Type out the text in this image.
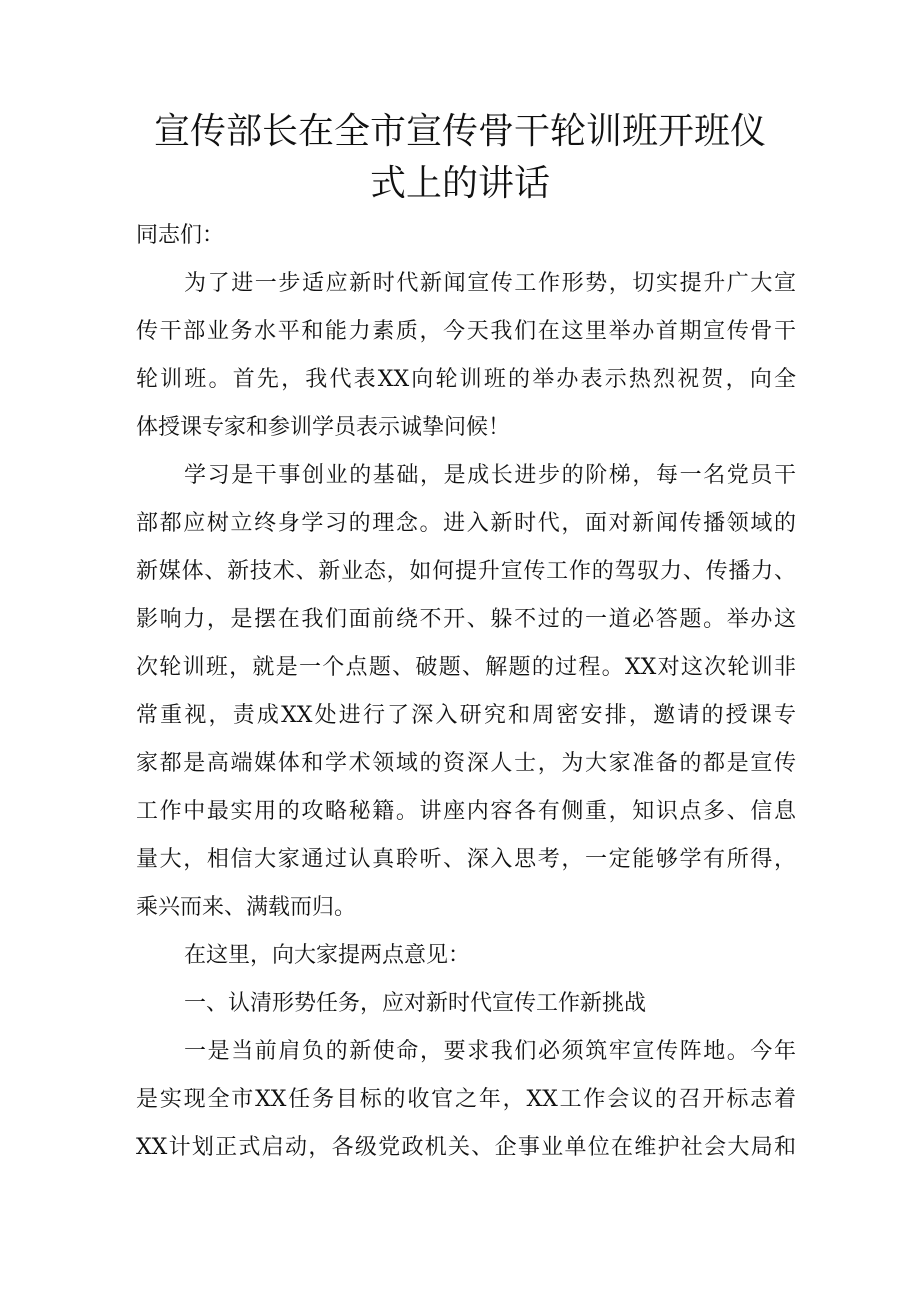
宣传部长在全市宣传骨干轮训班开班仪
式上的讲话
同志们：
为了进一步适应新时代新闻宣传工作形势，切实提升广大宣
传干部业务水平和能力素质，今天我们在这里举办首期宣传骨干
轮训班。首先，我代表XX向轮训班的举办表示热烈祝贺，向全
体授课专家和参训学员表示诚挚问候！
学习是干事创业的基础，是成长进步的阶梯，每一名党员干
部都应树立终身学习的理念。进入新时代，面对新闻传播领域的
新媒体、新技术、新业态，如何提升宣传工作的驾驭力、传播力、
影响力，是摆在我们面前绕不开、躲不过的一道必答题。举办这
次轮训班，就是一个点题、破题、解题的过程。XX对这次轮训非
常重视，责成XX处进行了深入研究和周密安排，邀请的授课专
家都是高端媒体和学术领域的资深人士，为大家准备的都是宣传
工作中最实用的攻略秘籍。讲座内容各有侧重，知识点多、信息
量大，相信大家通过认真聆听、深入思考，一定能够学有所得，
乘兴而来、满载而归。
在这里，向大家提两点意见：
一、认清形势任务，应对新时代宣传工作新挑战
一是当前肩负的新使命，要求我们必须筑牢宣传阵地。今年
是实现全市XX任务目标的收官之年，XX工作会议的召开标志着
XX计划正式启动，各级党政机关、企事业单位在维护社会大局和
